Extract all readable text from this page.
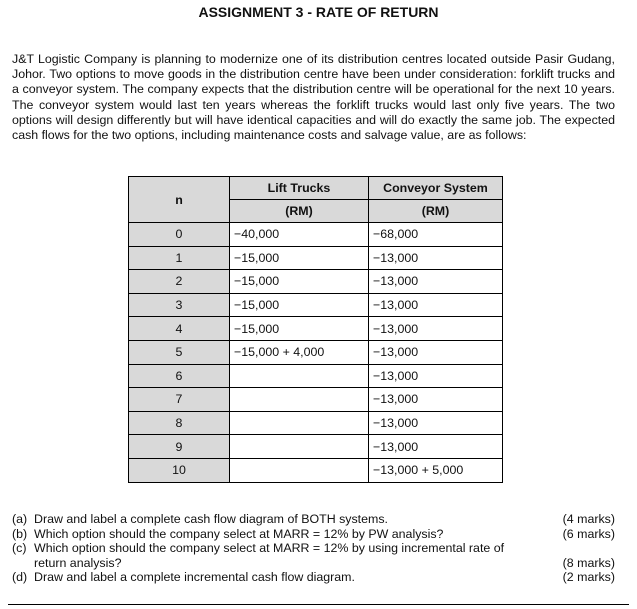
ASSIGNMENT 3 - RATE OF RETURN

J&T Logistic Company is planning to modernize one of its distribution centres located outside Pasir Gudang, Johor. Two options to move goods in the distribution centre have been under consideration: forklift trucks and a conveyor system. The company expects that the distribution centre will be operational for the next 10 years. The conveyor system would last ten years whereas the forklift trucks would last only five years. The two options will design differently but will have identical capacities and will do exactly the same job. The expected cash flows for the two options, including maintenance costs and salvage value, are as follows:

n	Lift Trucks	Conveyor System
	(RM)	(RM)
0	−40,000	−68,000
1	−15,000	−13,000
2	−15,000	−13,000
3	−15,000	−13,000
4	−15,000	−13,000
5	−15,000 + 4,000	−13,000
6		−13,000
7		−13,000
8		−13,000
9		−13,000
10		−13,000 + 5,000
(a) Draw and label a complete cash flow diagram of BOTH systems.	(4 marks)
(b) Which option should the company select at MARR = 12% by PW analysis?	(6 marks)
(c) Which option should the company select at MARR = 12% by using incremental rate of return analysis?	(8 marks)
(d) Draw and label a complete incremental cash flow diagram.	(2 marks)
